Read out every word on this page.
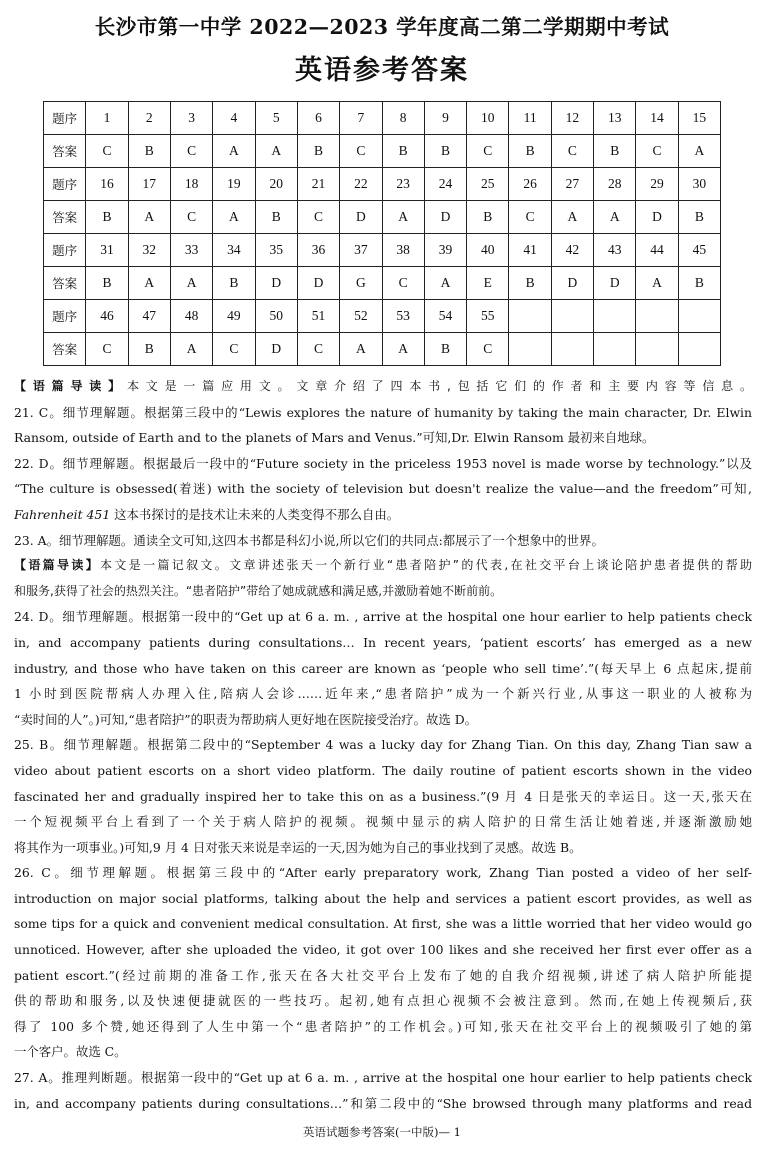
长沙市第一中学 2022—2023 学年度高二第二学期期中考试
英语参考答案
题序	1	2	3	4	5	6	7	8	9	10	11	12	13	14	15
答案	C	B	C	A	A	B	C	B	B	C	B	C	B	C	A
题序	16	17	18	19	20	21	22	23	24	25	26	27	28	29	30
答案	B	A	C	A	B	C	D	A	D	B	C	A	A	D	B
题序	31	32	33	34	35	36	37	38	39	40	41	42	43	44	45
答案	B	A	A	B	D	D	G	C	A	E	B	D	D	A	B
题序	46	47	48	49	50	51	52	53	54	55					
答案	C	B	A	C	D	C	A	A	B	C					
【语篇导读】本文是一篇应用文。文章介绍了四本书,包括它们的作者和主要内容等信息。
21. C。细节理解题。根据第三段中的“Lewis explores the nature of humanity by taking the main character, Dr. Elwin
Ransom, outside of Earth and to the planets of Mars and Venus.”可知,Dr. Elwin Ransom 最初来自地球。
22. D。细节理解题。根据最后一段中的“Future society in the priceless 1953 novel is made worse by technology.”以及
“The culture is obsessed(着迷) with the society of television but doesn't realize the value—and the freedom”可知,
Fahrenheit 451 这本书探讨的是技术让未来的人类变得不那么自由。
23. A。细节理解题。通读全文可知,这四本书都是科幻小说,所以它们的共同点:都展示了一个想象中的世界。
【语篇导读】本文是一篇记叙文。文章讲述张天一个新行业“患者陪护”的代表,在社交平台上谈论陪护患者提供的帮助
和服务,获得了社会的热烈关注。“患者陪护”带给了她成就感和满足感,并激励着她不断前前。
24. D。细节理解题。根据第一段中的“Get up at 6 a. m. , arrive at the hospital one hour earlier to help patients check
in, and accompany patients during consultations… In recent years, ‘patient escorts’ has emerged as a new
industry, and those who have taken on this career are known as ‘people who sell time’.”(每天早上 6 点起床,提前
1 小时到医院帮病人办理入住,陪病人会诊……近年来,“患者陪护”成为一个新兴行业,从事这一职业的人被称为
“卖时间的人”。)可知,“患者陪护”的职责为帮助病人更好地在医院接受治疗。故选 D。
25. B。细节理解题。根据第二段中的“September 4 was a lucky day for Zhang Tian. On this day, Zhang Tian saw a
video about patient escorts on a short video platform. The daily routine of patient escorts shown in the video
fascinated her and gradually inspired her to take this on as a business.”(9 月 4 日是张天的幸运日。这一天,张天在
一个短视频平台上看到了一个关于病人陪护的视频。视频中显示的病人陪护的日常生活让她着迷,并逐渐激励她
将其作为一项事业。)可知,9 月 4 日对张天来说是幸运的一天,因为她为自己的事业找到了灵感。故选 B。
26. C。细节理解题。根据第三段中的“After early preparatory work, Zhang Tian posted a video of her self-
introduction on major social platforms, talking about the help and services a patient escort provides, as well as
some tips for a quick and convenient medical consultation. At first, she was a little worried that her video would go
unnoticed. However, after she uploaded the video, it got over 100 likes and she received her first ever offer as a
patient escort.”(经过前期的准备工作,张天在各大社交平台上发布了她的自我介绍视频,讲述了病人陪护所能提
供的帮助和服务,以及快速便捷就医的一些技巧。起初,她有点担心视频不会被注意到。然而,在她上传视频后,获
得了 100 多个赞,她还得到了人生中第一个“患者陪护”的工作机会。)可知,张天在社交平台上的视频吸引了她的第
一个客户。故选 C。
27. A。推理判断题。根据第一段中的“Get up at 6 a. m. , arrive at the hospital one hour earlier to help patients check
in, and accompany patients during consultations…”和第二段中的“She browsed through many platforms and read
英语试题参考答案(一中版)— 1
